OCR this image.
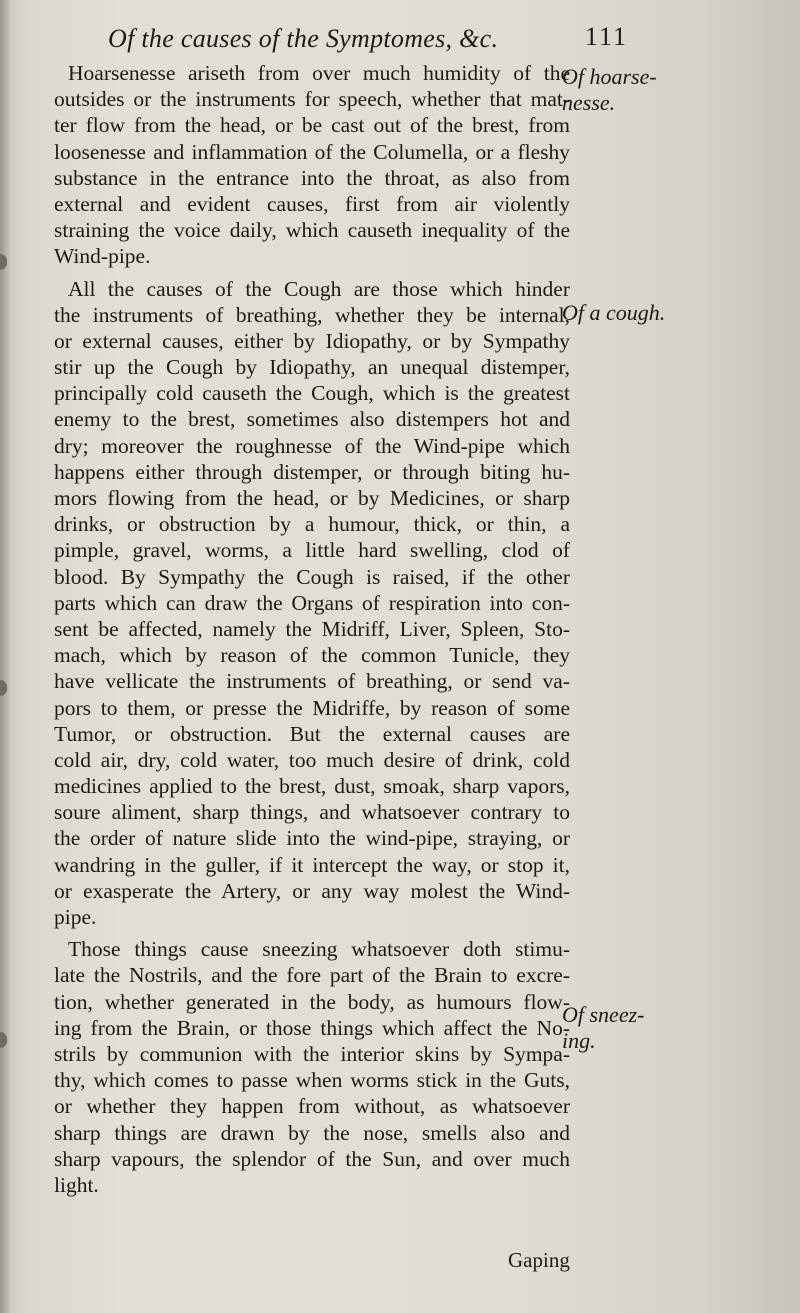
Of the causes of the Symptomes, &c.	111
Of hoarse-
nesse.
Of a cough.
Of sneez-
ing.
Hoarsenesse ariseth from over much humidity of the
outsides or the instruments for speech, whether that mat-
ter flow from the head, or be cast out of the brest, from
loosenesse and inflammation of the Columella, or a fleshy
substance in the entrance into the throat, as also from
external and evident causes, first from air violently
straining the voice daily, which causeth inequality of the
Wind-pipe.
All the causes of the Cough are those which hinder
the instruments of breathing, whether they be internal,
or external causes, either by Idiopathy, or by Sympathy
stir up the Cough by Idiopathy, an unequal distemper,
principally cold causeth the Cough, which is the greatest
enemy to the brest, sometimes also distempers hot and
dry; moreover the roughnesse of the Wind-pipe which
happens either through distemper, or through biting hu-
mors flowing from the head, or by Medicines, or sharp
drinks, or obstruction by a humour, thick, or thin, a
pimple, gravel, worms, a little hard swelling, clod of
blood. By Sympathy the Cough is raised, if the other
parts which can draw the Organs of respiration into con-
sent be affected, namely the Midriff, Liver, Spleen, Sto-
mach, which by reason of the common Tunicle, they
have vellicate the instruments of breathing, or send va-
pors to them, or presse the Midriffe, by reason of some
Tumor, or obstruction. But the external causes are
cold air, dry, cold water, too much desire of drink, cold
medicines applied to the brest, dust, smoak, sharp vapors,
soure aliment, sharp things, and whatsoever contrary to
the order of nature slide into the wind-pipe, straying, or
wandring in the guller, if it intercept the way, or stop it,
or exasperate the Artery, or any way molest the Wind-
pipe.
Those things cause sneezing whatsoever doth stimu-
late the Nostrils, and the fore part of the Brain to excre-
tion, whether generated in the body, as humours flow-
ing from the Brain, or those things which affect the No-
strils by communion with the interior skins by Sympa-
thy, which comes to passe when worms stick in the Guts,
or whether they happen from without, as whatsoever
sharp things are drawn by the nose, smells also and
sharp vapours, the splendor of the Sun, and over much
light.
Gaping
